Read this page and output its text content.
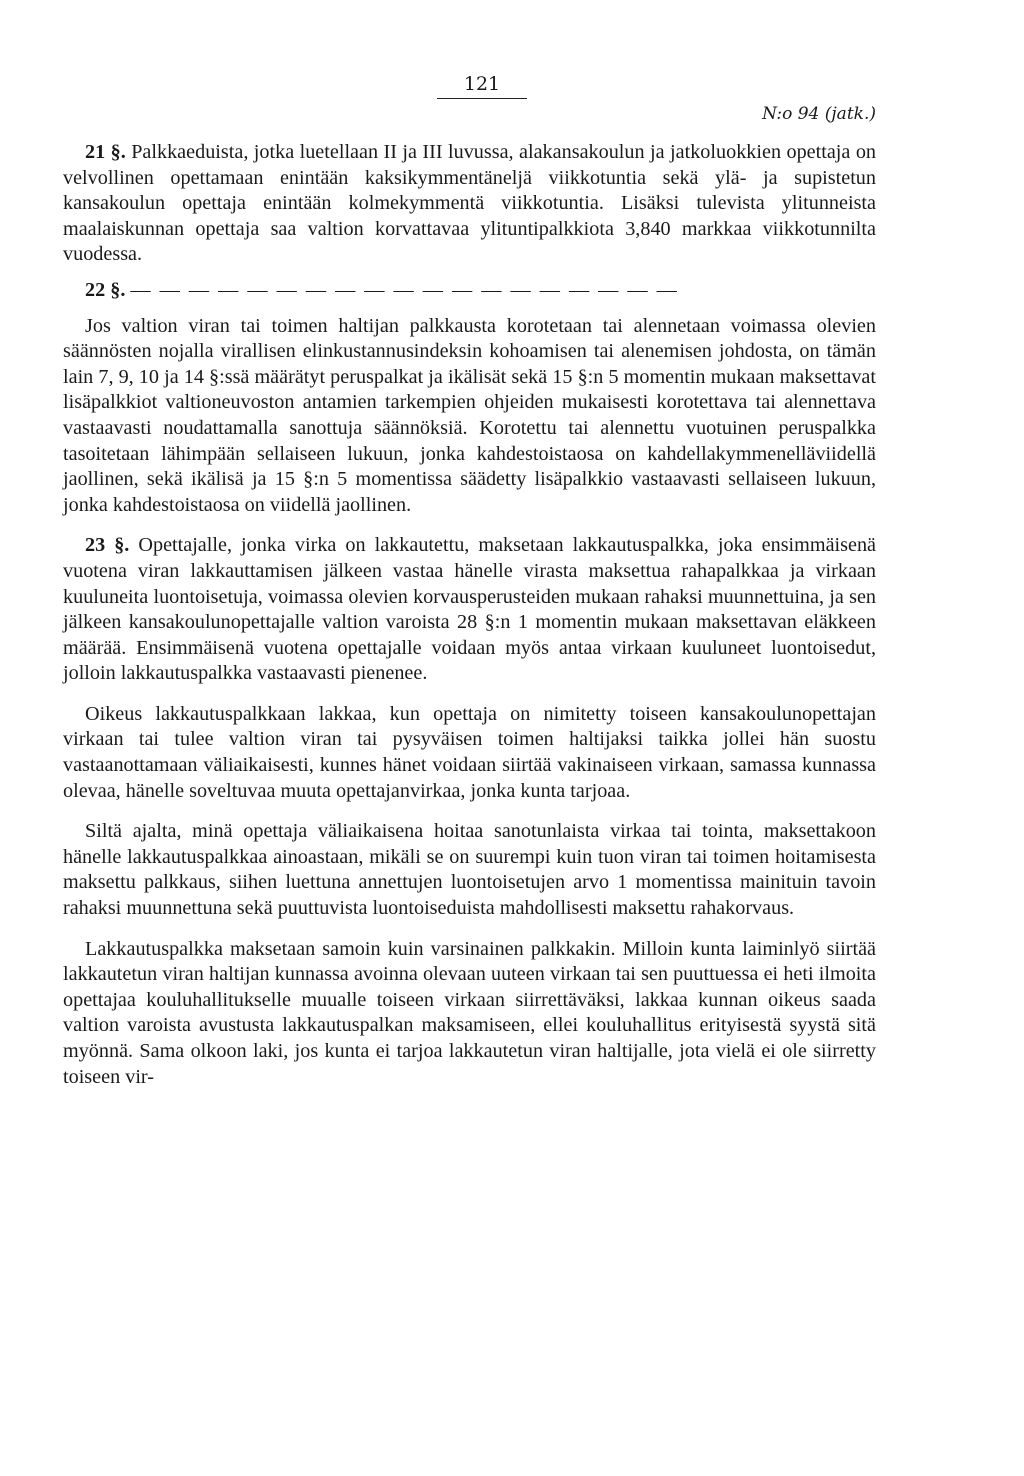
121
N:o 94 (jatk.)

21 §. Palkkaeduista, jotka luetellaan II ja III luvussa, alakansakoulun ja jatkoluokkien opettaja on velvollinen opettamaan enintään kaksikymmentäneljä viikkotuntia sekä ylä- ja supistetun kansakoulun opettaja enintään kolmekymmentä viikkotuntia. Lisäksi tulevista ylitunneista maalaiskunnan opettaja saa valtion korvattavaa ylituntipalkkiota 3,840 markkaa viikkotunnilta vuodessa.

22 §. — — — — — — — — — — — — — — — — — — —

Jos valtion viran tai toimen haltijan palkkausta korotetaan tai alennetaan voimassa olevien säännösten nojalla virallisen elinkustannusindeksin kohoamisen tai alenemisen johdosta, on tämän lain 7, 9, 10 ja 14 §:ssä määrätyt peruspalkat ja ikälisät sekä 15 §:n 5 momentin mukaan maksettavat lisäpalkkiot valtioneuvoston antamien tarkempien ohjeiden mukaisesti korotettava tai alennettava vastaavasti noudattamalla sanottuja säännöksiä. Korotettu tai alennettu vuotuinen peruspalkka tasoitetaan lähimpään sellaiseen lukuun, jonka kahdestoistaosa on kahdellakymmenelläviidellä jaollinen, sekä ikälisä ja 15 §:n 5 momentissa säädetty lisäpalkkio vastaavasti sellaiseen lukuun, jonka kahdestoistaosa on viidellä jaollinen.

23 §. Opettajalle, jonka virka on lakkautettu, maksetaan lakkautuspalkka, joka ensimmäisenä vuotena viran lakkauttamisen jälkeen vastaa hänelle virasta maksettua rahapalkkaa ja virkaan kuuluneita luontoisetuja, voimassa olevien korvausperusteiden mukaan rahaksi muunnettuina, ja sen jälkeen kansakoulunopettajalle valtion varoista 28 §:n 1 momentin mukaan maksettavan eläkkeen määrää. Ensimmäisenä vuotena opettajalle voidaan myös antaa virkaan kuuluneet luontoisedut, jolloin lakkautuspalkka vastaavasti pienenee.

Oikeus lakkautuspalkkaan lakkaa, kun opettaja on nimitetty toiseen kansakoulunopettajan virkaan tai tulee valtion viran tai pysyväisen toimen haltijaksi taikka jollei hän suostu vastaanottamaan väliaikaisesti, kunnes hänet voidaan siirtää vakinaiseen virkaan, samassa kunnassa olevaa, hänelle soveltuvaa muuta opettajanvirkaa, jonka kunta tarjoaa.

Siltä ajalta, minä opettaja väliaikaisena hoitaa sanotunlaista virkaa tai tointa, maksettakoon hänelle lakkautuspalkkaa ainoastaan, mikäli se on suurempi kuin tuon viran tai toimen hoitamisesta maksettu palkkaus, siihen luettuna annettujen luontoisetujen arvo 1 momentissa mainituin tavoin rahaksi muunnettuna sekä puuttuvista luontoiseduista mahdollisesti maksettu rahakorvaus.

Lakkautuspalkka maksetaan samoin kuin varsinainen palkkakin. Milloin kunta laiminlyö siirtää lakkautetun viran haltijan kunnassa avoinna olevaan uuteen virkaan tai sen puuttuessa ei heti ilmoita opettajaa kouluhallitukselle muualle toiseen virkaan siirrettäväksi, lakkaa kunnan oikeus saada valtion varoista avustusta lakkautuspalkan maksamiseen, ellei kouluhallitus erityisestä syystä sitä myönnä. Sama olkoon laki, jos kunta ei tarjoa lakkautetun viran haltijalle, jota vielä ei ole siirretty toiseen vir-
